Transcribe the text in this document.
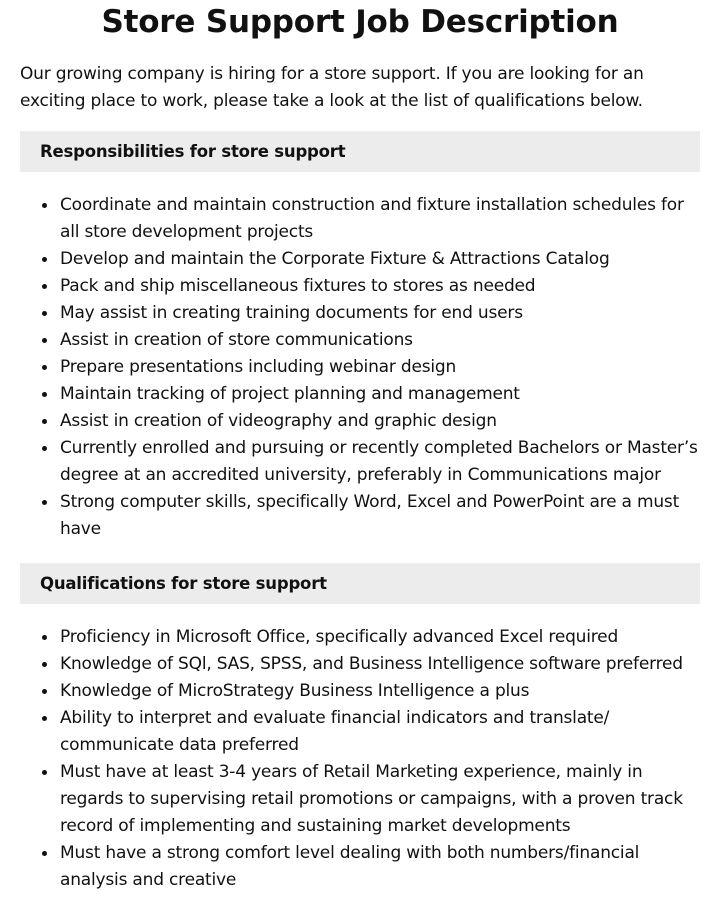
Store Support Job Description

Our growing company is hiring for a store support. If you are looking for an exciting place to work, please take a look at the list of qualifications below.

Responsibilities for store support
Coordinate and maintain construction and fixture installation schedules for all store development projects
Develop and maintain the Corporate Fixture & Attractions Catalog
Pack and ship miscellaneous fixtures to stores as needed
May assist in creating training documents for end users
Assist in creation of store communications
Prepare presentations including webinar design
Maintain tracking of project planning and management
Assist in creation of videography and graphic design
Currently enrolled and pursuing or recently completed Bachelors or Master’s degree at an accredited university, preferably in Communications major
Strong computer skills, specifically Word, Excel and PowerPoint are a must have
Qualifications for store support
Proficiency in Microsoft Office, specifically advanced Excel required
Knowledge of SQl, SAS, SPSS, and Business Intelligence software preferred
Knowledge of MicroStrategy Business Intelligence a plus
Ability to interpret and evaluate financial indicators and translate/ communicate data preferred
Must have at least 3-4 years of Retail Marketing experience, mainly in regards to supervising retail promotions or campaigns, with a proven track record of implementing and sustaining market developments
Must have a strong comfort level dealing with both numbers/financial analysis and creative
